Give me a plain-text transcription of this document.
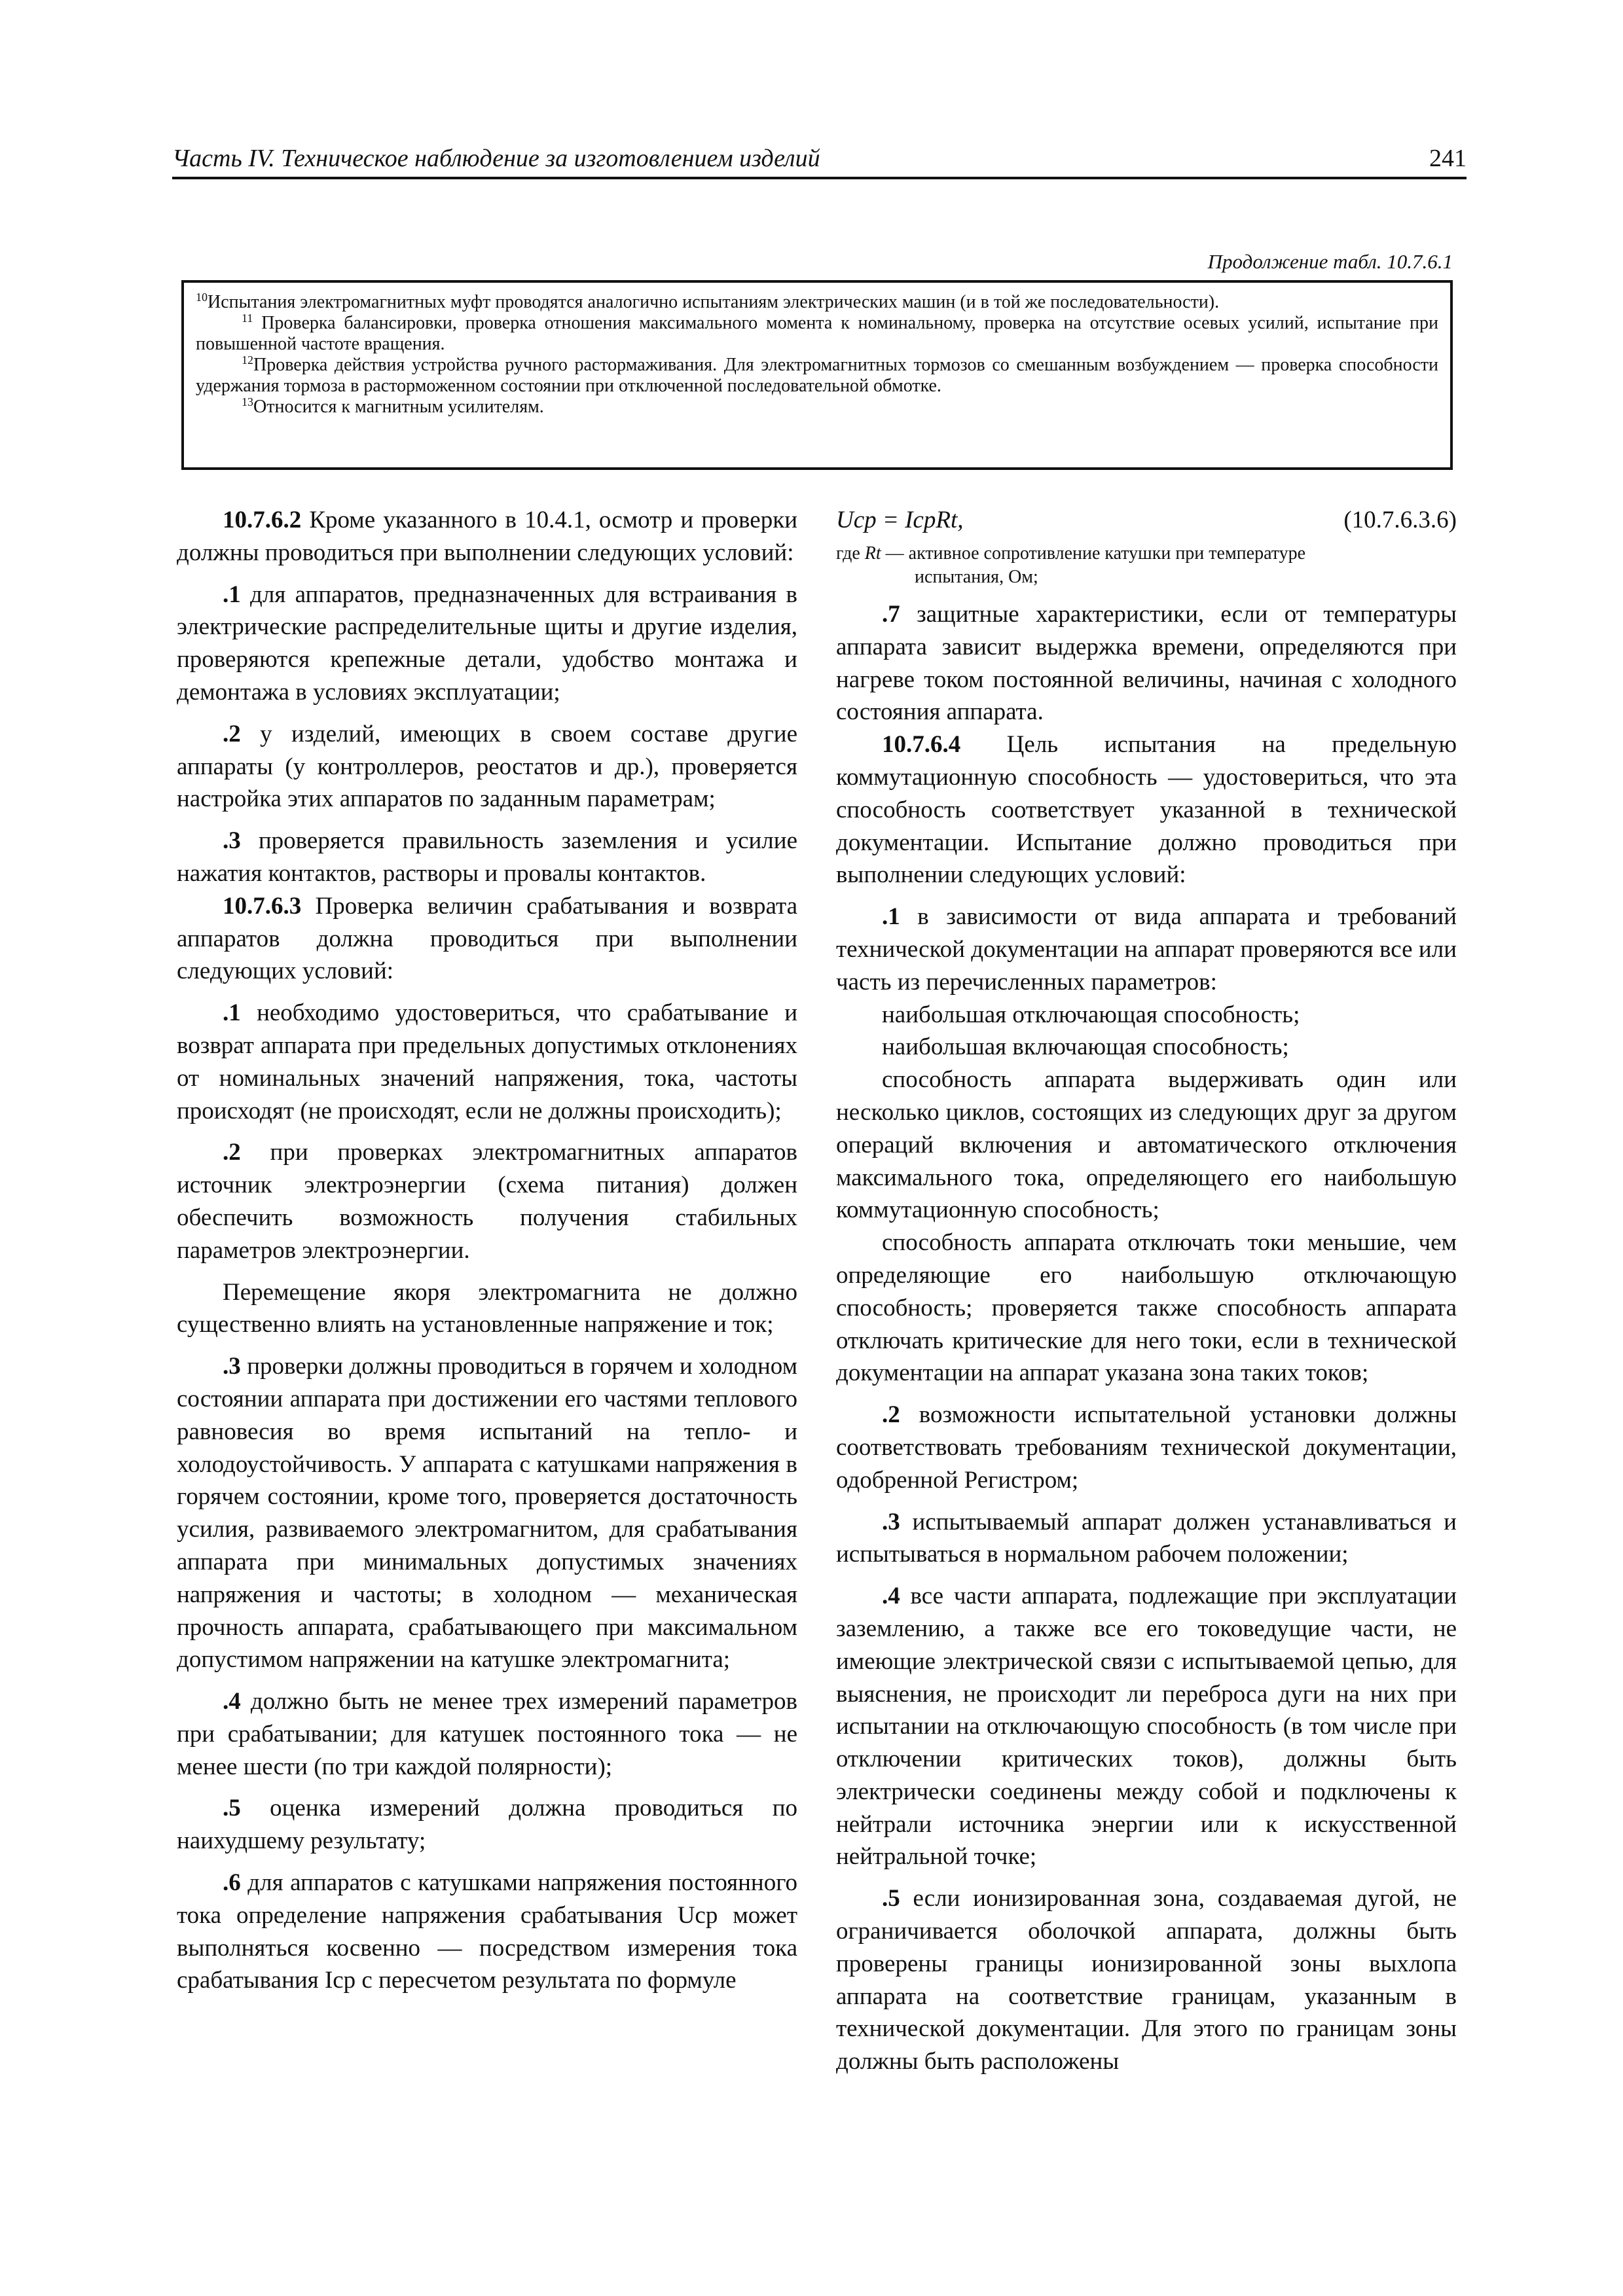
Часть IV. Техническое наблюдение за изготовлением изделий	241
Продолжение табл. 10.7.6.1

$^{10}$Испытания электромагнитных муфт проводятся аналогично испытаниям электрических машин (и в той же последовательности).

$^{11}$ Проверка балансировки, проверка отношения максимального момента к номинальному, проверка на отсутствие осевых усилий, испытание при повышенной частоте вращения.

$^{12}$Проверка действия устройства ручного растормаживания. Для электромагнитных тормозов со смешанным возбуждением — проверка способности удержания тормоза в расторможенном состоянии при отключенной последовательной обмотке.

$^{13}$Относится к магнитным усилителям.

10.7.6.2 Кроме указанного в 10.4.1, осмотр и проверки должны проводиться при выполнении следующих условий:

.1 для аппаратов, предназначенных для встраивания в электрические распределительные щиты и другие изделия, проверяются крепежные детали, удобство монтажа и демонтажа в условиях эксплуатации;

.2 у изделий, имеющих в своем составе другие аппараты (у контроллеров, реостатов и др.), проверяется настройка этих аппаратов по заданным параметрам;

.3 проверяется правильность заземления и усилие нажатия контактов, растворы и провалы контактов.

10.7.6.3 Проверка величин срабатывания и возврата аппаратов должна проводиться при выполнении следующих условий:

.1 необходимо удостовериться, что срабатывание и возврат аппарата при предельных допустимых отклонениях от номинальных значений напряжения, тока, частоты происходят (не происходят, если не должны происходить);

.2 при проверках электромагнитных аппаратов источник электроэнергии (схема питания) должен обеспечить возможность получения стабильных параметров электроэнергии.

Перемещение якоря электромагнита не должно существенно влиять на установленные напряжение и ток;

.3 проверки должны проводиться в горячем и холодном состоянии аппарата при достижении его частями теплового равновесия во время испытаний на тепло- и холодоустойчивость. У аппарата с катушками напряжения в горячем состоянии, кроме того, проверяется достаточность усилия, развиваемого электромагнитом, для срабатывания аппарата при минимальных допустимых значениях напряжения и частоты; в холодном — механическая прочность аппарата, срабатывающего при максимальном допустимом напряжении на катушке электромагнита;

.4 должно быть не менее трех измерений параметров при срабатывании; для катушек постоянного тока — не менее шести (по три каждой полярности);

.5 оценка измерений должна проводиться по наихудшему результату;

.6 для аппаратов с катушками напряжения постоянного тока определение напряжения срабатывания Uср может выполняться косвенно — посредством измерения тока срабатывания Iср с пересчетом результата по формуле

Uср = IсрRt,	(10.7.6.3.6)

где Rt — активное сопротивление катушки при температуре
испытания, Ом;

.7 защитные характеристики, если от температуры аппарата зависит выдержка времени, определяются при нагреве током постоянной величины, начиная с холодного состояния аппарата.

10.7.6.4 Цель испытания на предельную коммутационную способность — удостовериться, что эта способность соответствует указанной в технической документации. Испытание должно проводиться при выполнении следующих условий:

.1 в зависимости от вида аппарата и требований технической документации на аппарат проверяются все или часть из перечисленных параметров:

наибольшая отключающая способность;

наибольшая включающая способность;

способность аппарата выдерживать один или несколько циклов, состоящих из следующих друг за другом операций включения и автоматического отключения максимального тока, определяющего его наибольшую коммутационную способность;

способность аппарата отключать токи меньшие, чем определяющие его наибольшую отключающую способность; проверяется также способность аппарата отключать критические для него токи, если в технической документации на аппарат указана зона таких токов;

.2 возможности испытательной установки должны соответствовать требованиям технической документации, одобренной Регистром;

.3 испытываемый аппарат должен устанавливаться и испытываться в нормальном рабочем положении;

.4 все части аппарата, подлежащие при эксплуатации заземлению, а также все его токоведущие части, не имеющие электрической связи с испытываемой цепью, для выяснения, не происходит ли переброса дуги на них при испытании на отключающую способность (в том числе при отключении критических токов), должны быть электрически соединены между собой и подключены к нейтрали источника энергии или к искусственной нейтральной точке;

.5 если ионизированная зона, создаваемая дугой, не ограничивается оболочкой аппарата, должны быть проверены границы ионизированной зоны выхлопа аппарата на соответствие границам, указанным в технической документации. Для этого по границам зоны должны быть расположены
